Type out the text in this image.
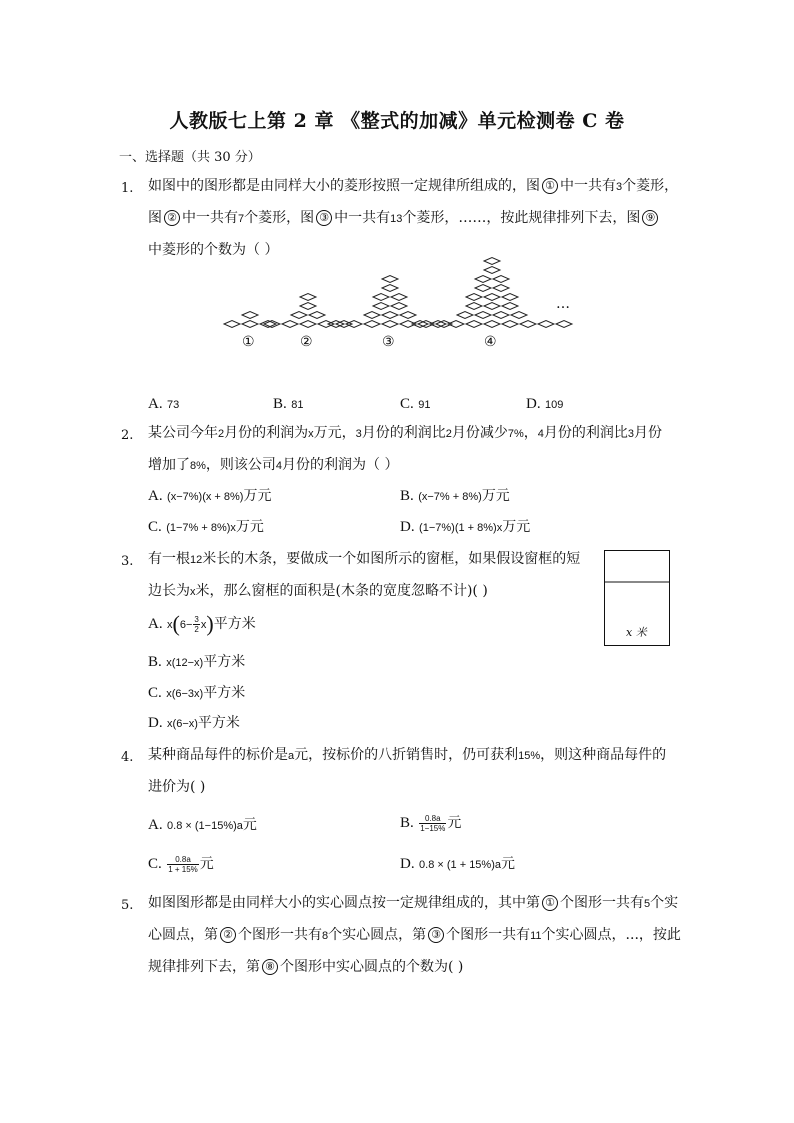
人教版七上第 2 章 《整式的加减》单元检测卷 C 卷
一、选择题（共 30 分）
1. 如图中的图形都是由同样大小的菱形按照一定规律所组成的，图 ① 中一共有3个菱形，
图 ② 中一共有7个菱形，图 ③ 中一共有13个菱形，……，按此规律排列下去，图 ⑨
中菱形的个数为（ ）
①	②	③	④
…
A. 73	B. 81	C. 91	D. 109
2. 某公司今年2月份的利润为x万元，3月份的利润比2月份减少7%，4月份的利润比3月份
增加了8%，则该公司4月份的利润为（ ）
A. (x−7%)(x + 8%)万元	B. (x−7% + 8%)万元
C. (1−7% + 8%)x万元	D. (1−7%)(1 + 8%)x万元
3. 有一根12米长的木条，要做成一个如图所示的窗框，如果假设窗框的短
边长为x米，那么窗框的面积是(木条的宽度忽略不计)( )
x 米
A. $x(6- \frac{3}{2} x)$平方米
B. x(12−x)平方米
C. x(6−3x)平方米
D. x(6−x)平方米
4. 某种商品每件的标价是a元，按标价的八折销售时，仍可获利15%，则这种商品每件的
进价为( )
A. 0.8 × (1−15%)a元	B. $\frac{0.8a}{1-15\%}$ 元
C. $\frac{0.8a}{1 + 15\%}$ 元	D. 0.8 × (1 + 15%)a元
5. 如图图形都是由同样大小的实心圆点按一定规律组成的，其中第 ① 个图形一共有5个实
心圆点，第 ② 个图形一共有8个实心圆点，第 ③ 个图形一共有11个实心圆点，...，按此
规律排列下去，第 ⑧ 个图形中实心圆点的个数为( )
